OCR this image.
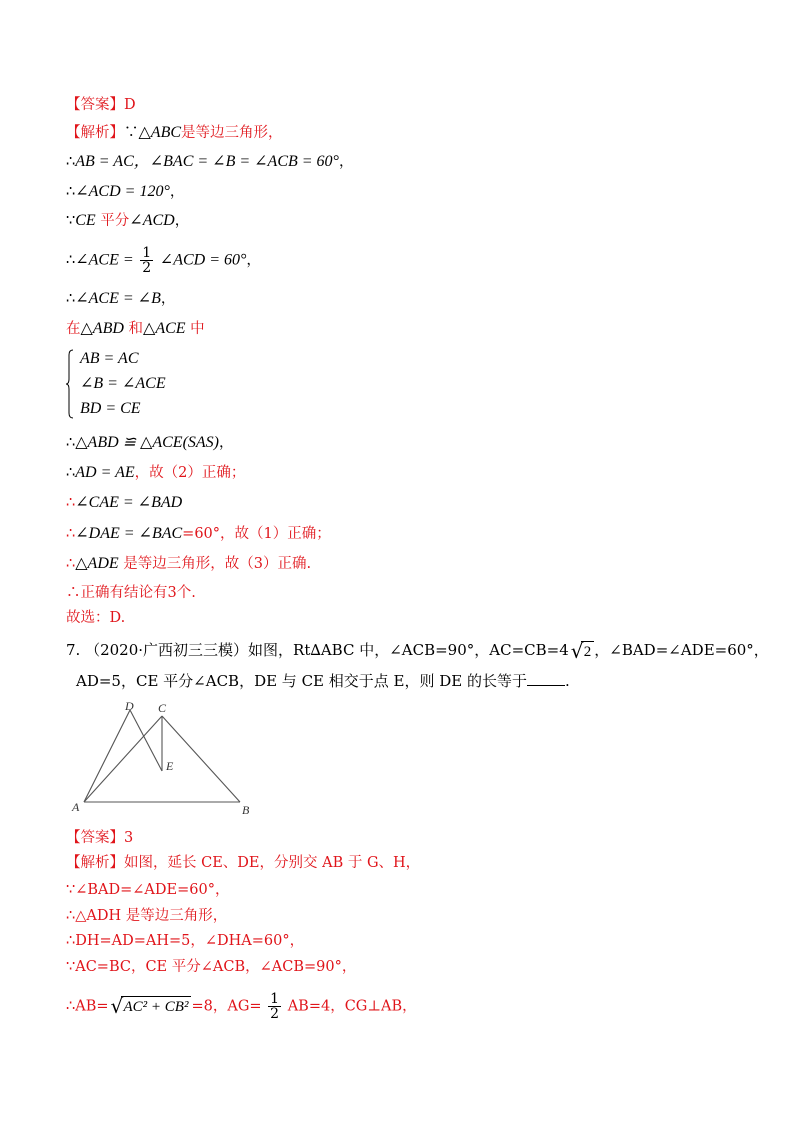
【答案】D
【解析】∵△ABC是等边三角形，
∴AB = AC，∠BAC = ∠B = ∠ACB = 60°，
∴∠ACD = 120°，
∵CE 平分∠ACD，
∴∠ACE = $\frac{1}{2}$ ∠ACD = 60°，
∴∠ACE = ∠B，
在△ABD 和△ACE 中
AB = AC
∠B = ∠ACE
BD = CE
∴△ABD ≌ △ACE(SAS)，
∴AD = AE，故（2）正确；
∴∠CAE = ∠BAD
∴∠DAE = ∠BAC=60°，故（1）正确；
∴△ADE 是等边三角形，故（3）正确.
∴正确有结论有3个.
故选：D.
7. （2020·广西初三三模）如图，Rt∆ABC 中，∠ACB=90°，AC=CB=4 √ 2 ，∠BAD=∠ADE=60°，
AD=5，CE 平分∠ACB，DE 与 CE 相交于点 E，则 DE 的长等于	.
A	B
C
D
E
【答案】3
【解析】如图，延长 CE、DE，分别交 AB 于 G、H，
∵∠BAD=∠ADE=60°，
∴△ADH 是等边三角形，
∴DH=AD=AH=5，∠DHA=60°，
∵AC=BC，CE 平分∠ACB，∠ACB=90°，
∴AB= √ AC² + CB² =8，$AG= \frac{1}{2} AB=4$，CG⊥AB，
